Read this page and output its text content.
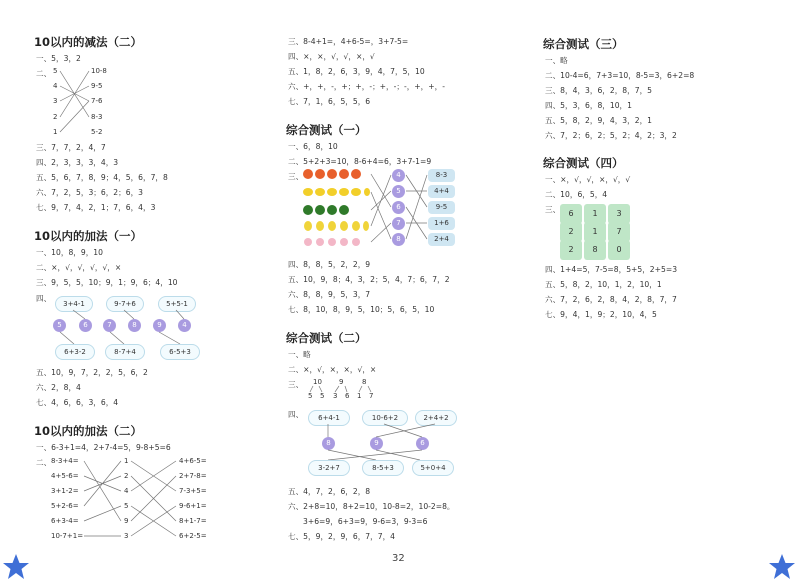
10以内的减法（二）
一、5，3，2
二、 5
4
3
2
1
10-8
9-5
7-6
8-3
5-2
三、7，7，2，4，7
四、2，3，3，3，4，3
五、5，6，7，8，9；4，5，6，7，8
六、7，2，5，3；6，2；6，3
七、9，7，4，2，1；7，6，4，3
10以内的加法（一）
一、10，8，9，10
二、×，√，√，√，√，×
三、9，5，5，10；9，1；9，6；4，10
四、
3+4-1	9-7+6	5+5-1
5	6	7	8	9	4
6+3-2	8-7+4	6-5+3
五、10，9，7，2，2，5，6，2
六、2，8，4
七、4，6，6，3，6，4
10以内的加法（二）
一、6-3+1=4，2+7-4=5，9-8+5=6
二、 8-3+4=
4+5-6=
3+1-2=
5+2-6=
6+3-4=
10-7+1=
1
2
4
5
9
3
4+6-5=
2+7-8=
7-3+5=
9-6+1=
8+1-7=
6+2-5=
三、8-4+1=，4+6-5=，3+7-5=
四、×，×，√，√，×，√
五、1，8，2，6，3，9，4，7，5，10
六、+，+，-，+；+，-；+，-；-，+，+，-
七、7，1，6，5，5，6
综合测试（一）
一、6，8，10
二、5+2+3=10，8-6+4=6，3+7-1=9
三、	4
5
6
7
8
8-3
4+4
9-5
1+6
2+4
四、8，8，5，2，2，9
五、10，9，8；4，3，2；5，4，7；6，7，2
六、8，8，9，5，3，7
七、8，10，8，9，5，10；5，6，5，10
综合测试（二）
一、略
二、×，√，×，×，√，×
三、 10 9	8
5 5 3 6 1 7
四、	6+4-1	10-6+2	2+4+2
8	9	6
3-2+7	8-5+3	5+0+4
五、4，7，2，6，2，8
六、2+8=10，8+2=10，10-8=2，10-2=8。
3+6=9，6+3=9，9-6=3，9-3=6
七、5，9，2，9，6，7，7，4
综合测试（三）
一、略
二、10-4=6，7+3=10，8-5=3，6+2=8
三、8，4，3，6，2，8，7，5
四、5，3，6，8，10，1
五、5，8，2，9，4，3，2，1
六、7，2；6，2；5，2；4，2；3，2
综合测试（四）
一、×，√，√，×，√，√
二、10，6，5，4
三、	6	1	3
2	1	7
2	8	0
四、1+4=5，7-5=8，5+5，2+5=3
五、5，8，2，10，1，2，10，1
六、7，2，6，2，8，4，2，8，7，7
七、9，4，1，9；2，10，4，5
32
